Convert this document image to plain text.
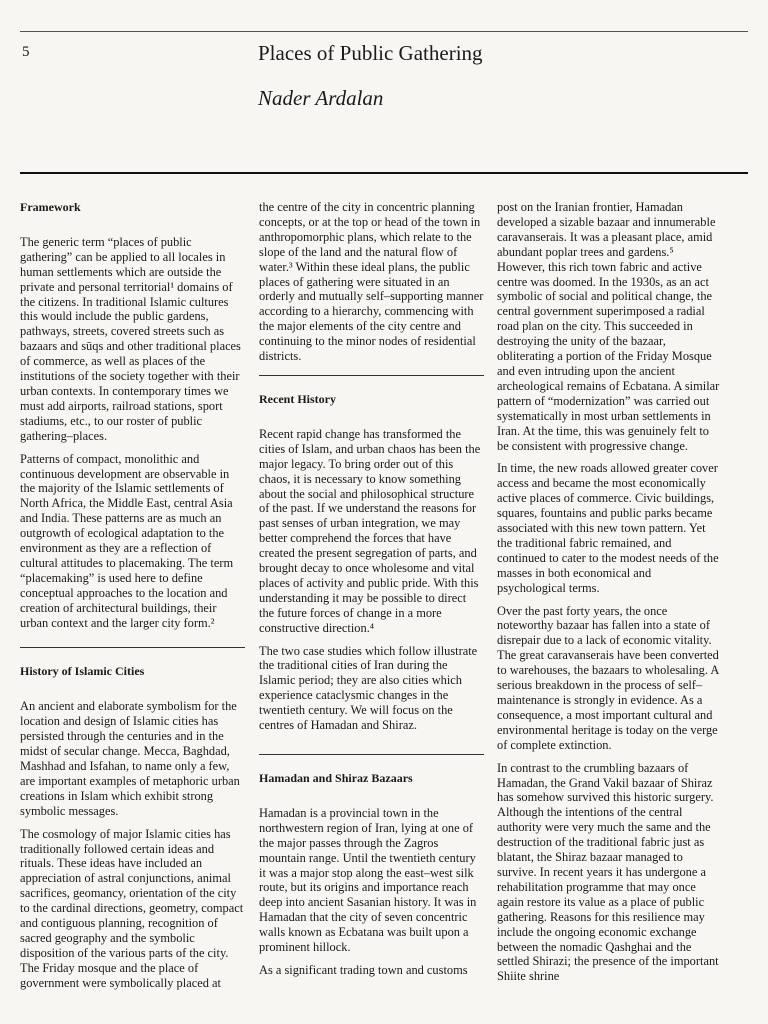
5	Places of Public Gathering
Nader Ardalan
Framework

The generic term “places of public gathering” can be applied to all locales in human settlements which are outside the private and personal territorial¹ domains of the citizens. In traditional Islamic cultures this would include the public gardens, pathways, streets, covered streets such as bazaars and sūqs and other traditional places of commerce, as well as places of the institutions of the society together with their urban contexts. In contemporary times we must add airports, railroad stations, sport stadiums, etc., to our roster of public gathering–places.

Patterns of compact, monolithic and continuous development are observable in the majority of the Islamic settlements of North Africa, the Middle East, central Asia and India. These patterns are as much an outgrowth of ecological adaptation to the environment as they are a reflection of cultural attitudes to placemaking. The term “placemaking” is used here to define conceptual approaches to the location and creation of architectural buildings, their urban context and the larger city form.²

History of Islamic Cities

An ancient and elaborate symbolism for the location and design of Islamic cities has persisted through the centuries and in the midst of secular change. Mecca, Baghdad, Mashhad and Isfahan, to name only a few, are important examples of metaphoric urban creations in Islam which exhibit strong symbolic messages.

The cosmology of major Islamic cities has traditionally followed certain ideas and rituals. These ideas have included an appreciation of astral conjunctions, animal sacrifices, geomancy, orientation of the city to the cardinal directions, geometry, compact and contiguous planning, recognition of sacred geography and the symbolic disposition of the various parts of the city. The Friday mosque and the place of government were symbolically placed at

the centre of the city in concentric planning concepts, or at the top or head of the town in anthropomorphic plans, which relate to the slope of the land and the natural flow of water.³ Within these ideal plans, the public places of gathering were situated in an orderly and mutually self–supporting manner according to a hierarchy, commencing with the major elements of the city centre and continuing to the minor nodes of residential districts.

Recent History

Recent rapid change has transformed the cities of Islam, and urban chaos has been the major legacy. To bring order out of this chaos, it is necessary to know something about the social and philosophical structure of the past. If we understand the reasons for past senses of urban integration, we may better comprehend the forces that have created the present segregation of parts, and brought decay to once wholesome and vital places of activity and public pride. With this understanding it may be possible to direct the future forces of change in a more constructive direction.⁴

The two case studies which follow illustrate the traditional cities of Iran during the Islamic period; they are also cities which experience cataclysmic changes in the twentieth century. We will focus on the centres of Hamadan and Shiraz.

Hamadan and Shiraz Bazaars

Hamadan is a provincial town in the northwestern region of Iran, lying at one of the major passes through the Zagros mountain range. Until the twentieth century it was a major stop along the east–west silk route, but its origins and importance reach deep into ancient Sasanian history. It was in Hamadan that the city of seven concentric walls known as Ecbatana was built upon a prominent hillock.

As a significant trading town and customs

post on the Iranian frontier, Hamadan developed a sizable bazaar and innumerable caravanserais. It was a pleasant place, amid abundant poplar trees and gardens.⁵ However, this rich town fabric and active centre was doomed. In the 1930s, as an act symbolic of social and political change, the central government superimposed a radial road plan on the city. This succeeded in destroying the unity of the bazaar, obliterating a portion of the Friday Mosque and even intruding upon the ancient archeological remains of Ecbatana. A similar pattern of “modernization” was carried out systematically in most urban settlements in Iran. At the time, this was genuinely felt to be consistent with progressive change.

In time, the new roads allowed greater cover access and became the most economically active places of commerce. Civic buildings, squares, fountains and public parks became associated with this new town pattern. Yet the traditional fabric remained, and continued to cater to the modest needs of the masses in both economical and psychological terms.

Over the past forty years, the once noteworthy bazaar has fallen into a state of disrepair due to a lack of economic vitality. The great caravanserais have been converted to warehouses, the bazaars to wholesaling. A serious breakdown in the process of self–maintenance is strongly in evidence. As a consequence, a most important cultural and environmental heritage is today on the verge of complete extinction.

In contrast to the crumbling bazaars of Hamadan, the Grand Vakil bazaar of Shiraz has somehow survived this historic surgery. Although the intentions of the central authority were very much the same and the destruction of the traditional fabric just as blatant, the Shiraz bazaar managed to survive. In recent years it has undergone a rehabilitation programme that may once again restore its value as a place of public gathering. Reasons for this resilience may include the ongoing economic exchange between the nomadic Qashghai and the settled Shirazi; the presence of the important Shiite shrine
